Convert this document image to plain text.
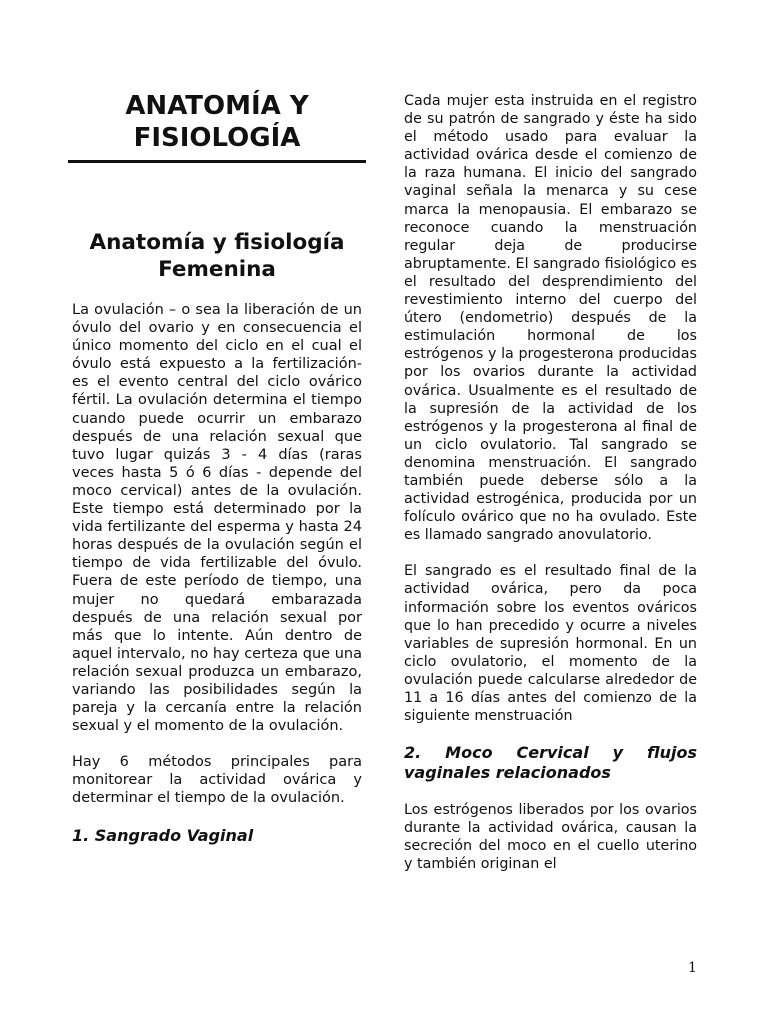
ANATOMÍA Y FISIOLOGÍA
Anatomía y fisiología Femenina

La ovulación – o sea la liberación de un óvulo del ovario y en consecuencia el único momento del ciclo en el cual el óvulo está expuesto a la fertilización- es el evento central del ciclo ovárico fértil. La ovulación determina el tiempo cuando puede ocurrir un embarazo después de una relación sexual que tuvo lugar quizás 3 - 4 días (raras veces hasta 5 ó 6 días - depende del moco cervical) antes de la ovulación. Este tiempo está determinado por la vida fertilizante del esperma y hasta 24 horas después de la ovulación según el tiempo de vida fertilizable del óvulo. Fuera de este período de tiempo, una mujer no quedará embarazada después de una relación sexual por más que lo intente. Aún dentro de aquel intervalo, no hay certeza que una relación sexual produzca un embarazo, variando las posibilidades según la pareja y la cercanía entre la relación sexual y el momento de la ovulación.

Hay 6 métodos principales para monitorear la actividad ovárica y determinar el tiempo de la ovulación.

1. Sangrado Vaginal

Cada mujer esta instruida en el registro de su patrón de sangrado y éste ha sido el método usado para evaluar la actividad ovárica desde el comienzo de la raza humana. El inicio del sangrado vaginal señala la menarca y su cese marca la menopausia. El embarazo se reconoce cuando la menstruación regular deja de producirse abruptamente. El sangrado fisiológico es el resultado del desprendimiento del revestimiento interno del cuerpo del útero (endometrio) después de la estimulación hormonal de los estrógenos y la progesterona producidas por los ovarios durante la actividad ovárica. Usualmente es el resultado de la supresión de la actividad de los estrógenos y la progesterona al final de un ciclo ovulatorio. Tal sangrado se denomina menstruación. El sangrado también puede deberse sólo a la actividad estrogénica, producida por un folículo ovárico que no ha ovulado. Este es llamado sangrado anovulatorio.

El sangrado es el resultado final de la actividad ovárica, pero da poca información sobre los eventos ováricos que lo han precedido y ocurre a niveles variables de supresión hormonal. En un ciclo ovulatorio, el momento de la ovulación puede calcularse alrededor de 11 a 16 días antes del comienzo de la siguiente menstruación

2. Moco Cervical y flujos vaginales relacionados

Los estrógenos liberados por los ovarios durante la actividad ovárica, causan la secreción del moco en el cuello uterino y también originan el

1
